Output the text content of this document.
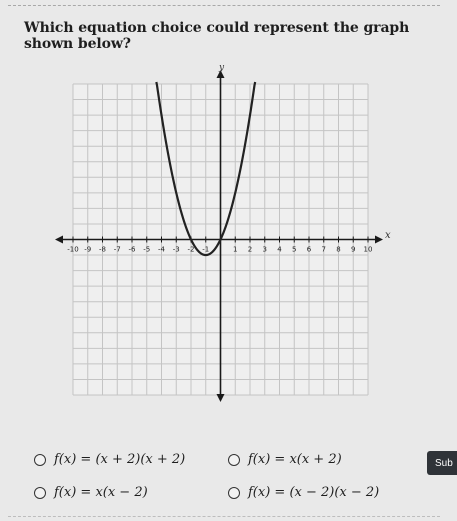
Which equation choice could represent the graph shown below?
-10 -9 -8 -7 -6 -5 -4 -3 -2 -1	1 2 3 4 5 6 7 8 9 10
x
y
f(x) = (x + 2)(x + 2)	f(x) = x(x + 2)
f(x) = x(x − 2)	f(x) = (x − 2)(x − 2)
Sub
